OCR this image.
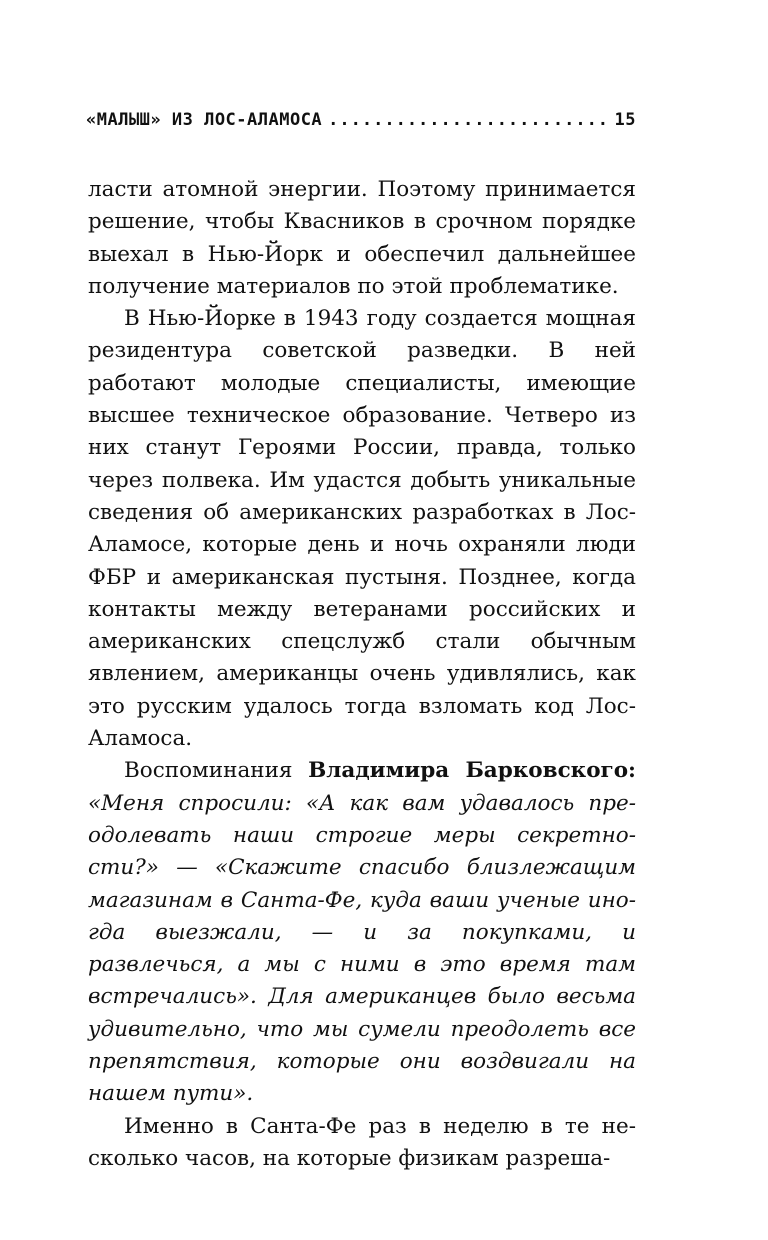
«МАЛЫШ» ИЗ ЛОС-АЛАМОСА
.....	15

ласти атомной энергии. Поэтому принимается решение, чтобы Квасников в срочном порядке выехал в Нью-Йорк и обеспечил дальнейшее получение материалов по этой проблематике.

В Нью-Йорке в 1943 году создается мощная резидентура советской разведки. В ней работают молодые специалисты, имеющие высшее техническое образование. Четверо из них станут Героями России, правда, только через полвека. Им удастся добыть уникальные сведения об американских разработках в Лос-Аламосе, которые день и ночь охраняли люди ФБР и американская пустыня. Позднее, когда контакты между ветеранами российских и американских спецслужб стали обычным явлением, американцы очень удивлялись, как это русским удалось тогда взломать код Лос-Аламоса.

Воспоминания Владимира Барковского: «Меня спросили: «А как вам удавалось преодолевать наши строгие меры секретности?» — «Скажите спасибо близлежащим магазинам в Санта-Фе, куда ваши ученые иногда выезжали, — и за покупками, и развлечься, а мы с ними в это время там встречались». Для американцев было весьма удивительно, что мы сумели преодолеть все препятствия, которые они воздвигали на нашем пути».

Именно в Санта-Фе раз в неделю в те несколько часов, на которые физикам разреша-
